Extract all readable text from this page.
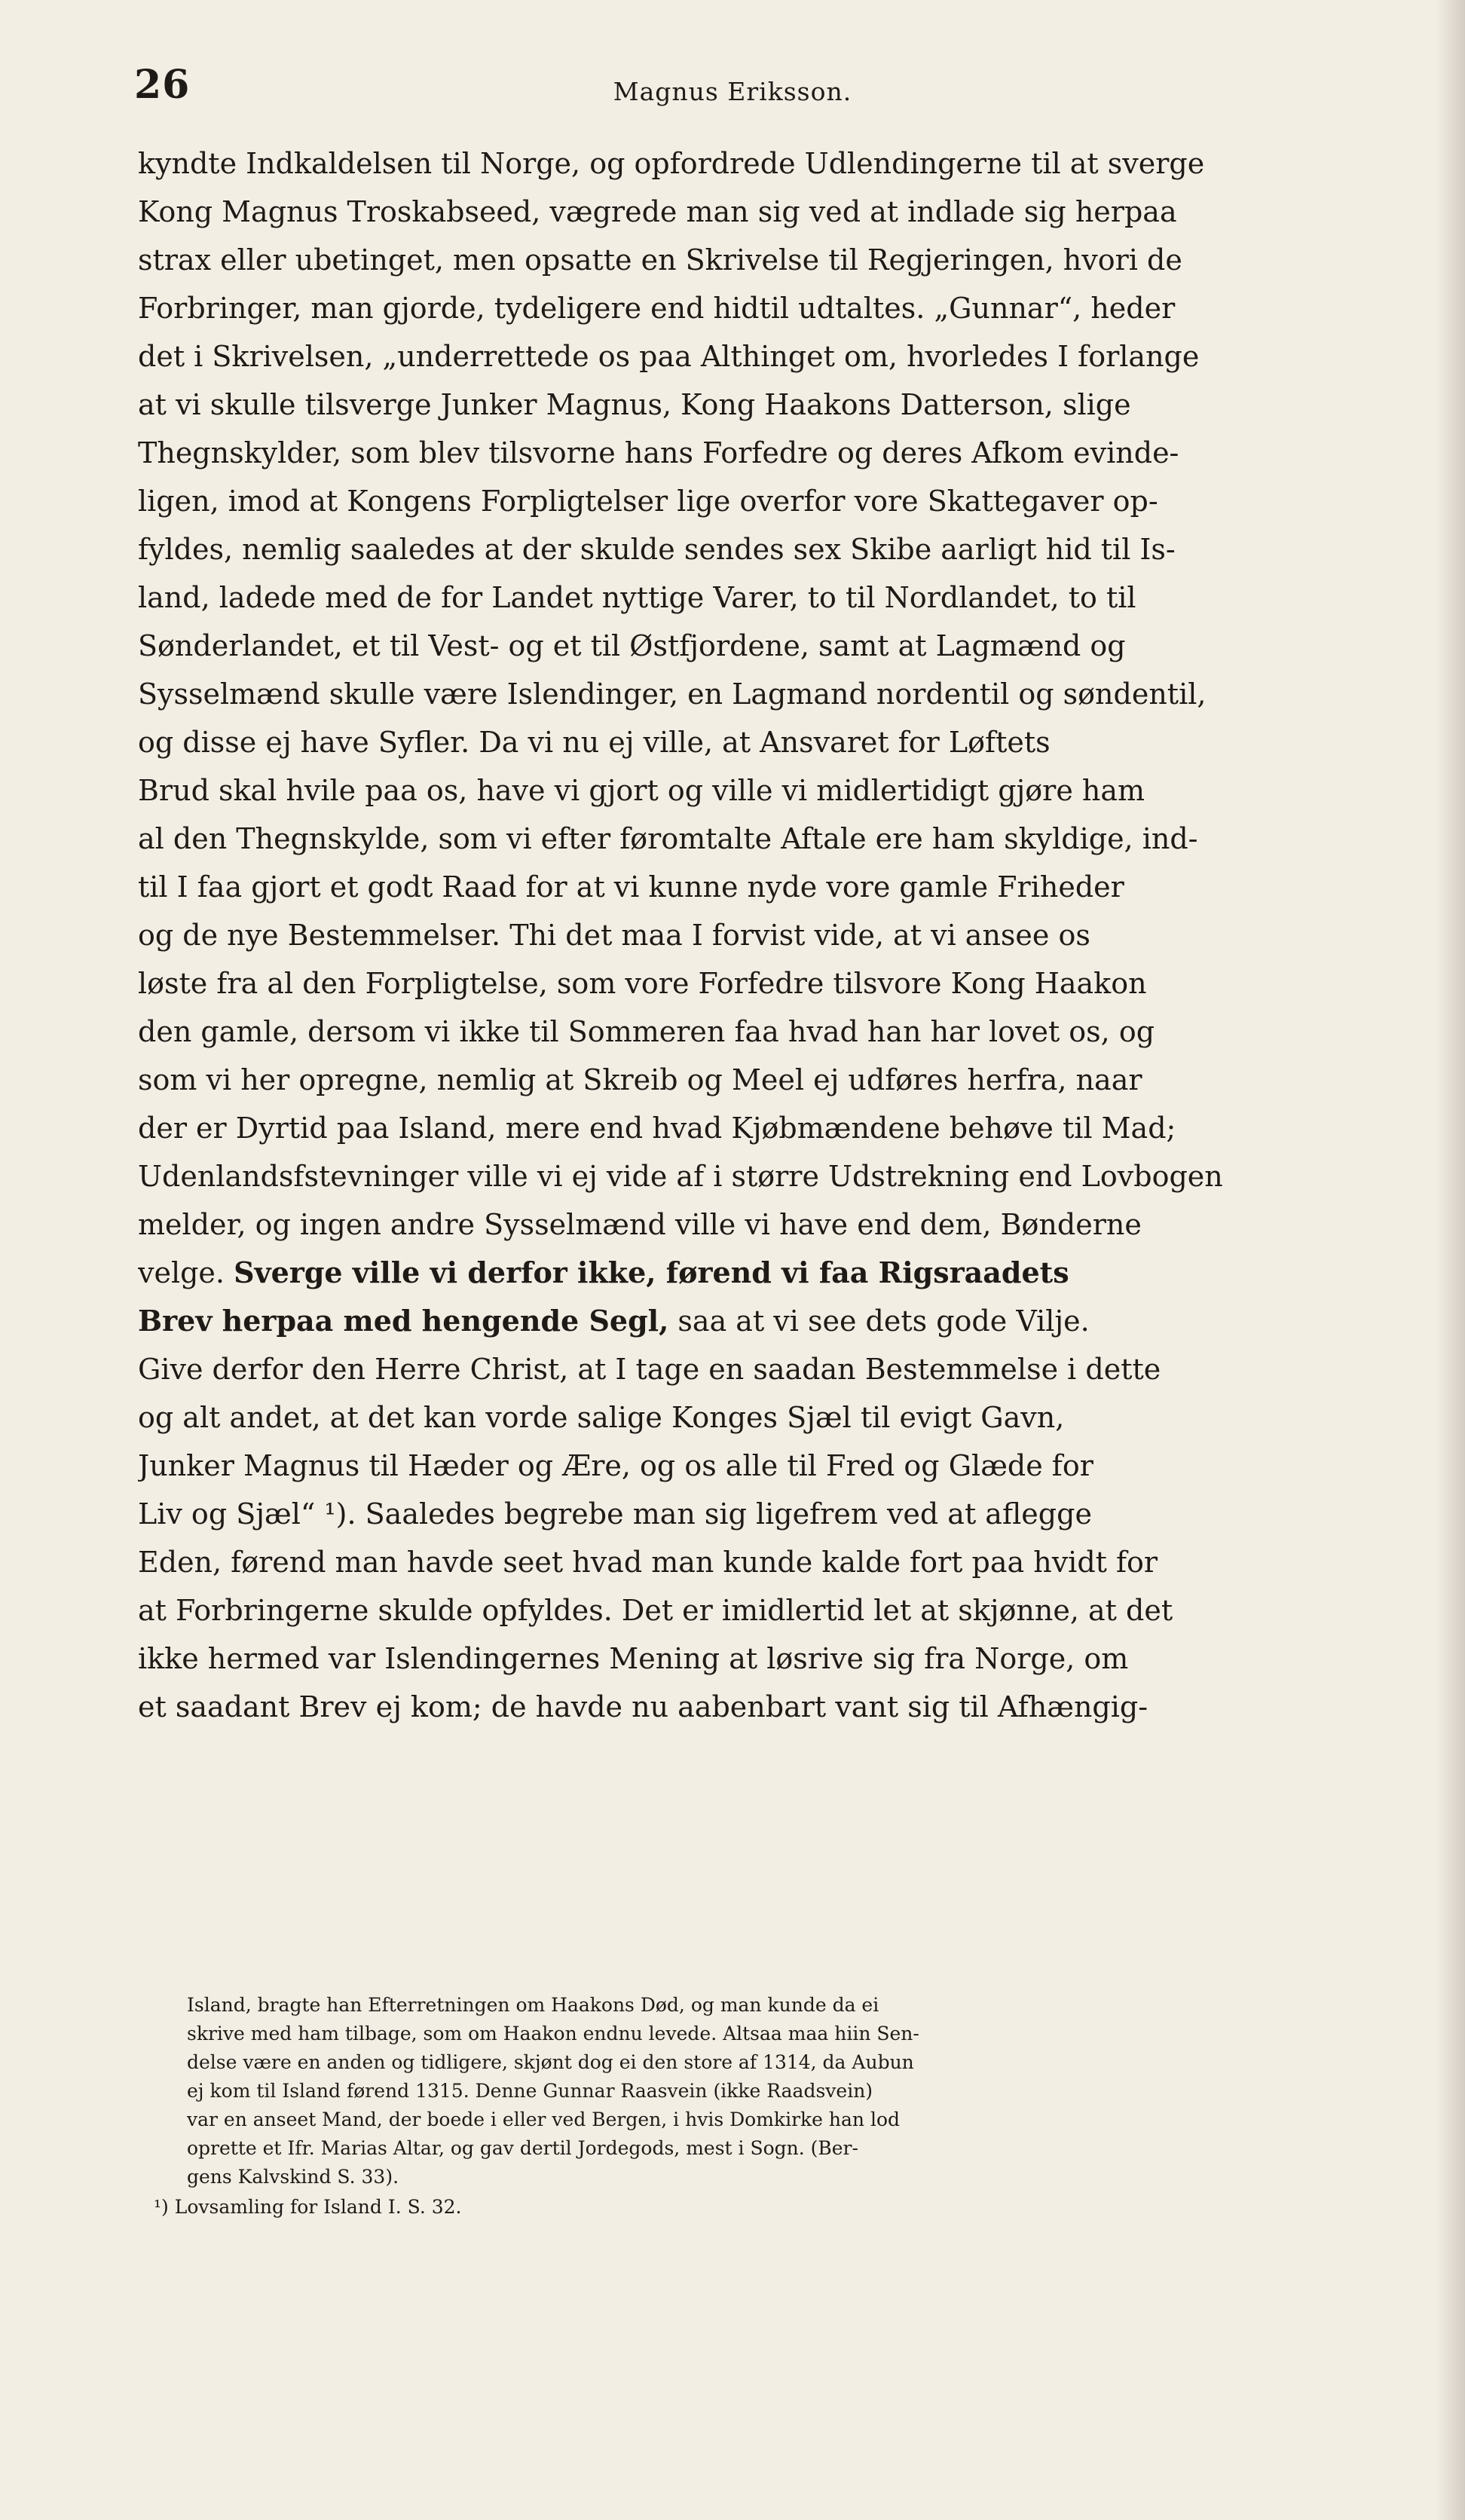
26	Magnus Eriksson.
kyndte Indkaldelsen til Norge, og opfordrede Udlendingerne til at sverge
Kong Magnus Troskabseed, vægrede man sig ved at indlade sig herpaa
strax eller ubetinget, men opsatte en Skrivelse til Regjeringen, hvori de
Forbringer, man gjorde, tydeligere end hidtil udtaltes. „Gunnar“, heder
det i Skrivelsen, „underrettede os paa Althinget om, hvorledes I forlange
at vi skulle tilsverge Junker Magnus, Kong Haakons Datterson, slige
Thegnskylder, som blev tilsvorne hans Forfedre og deres Afkom evinde-
ligen, imod at Kongens Forpligtelser lige overfor vore Skattegaver op-
fyldes, nemlig saaledes at der skulde sendes sex Skibe aarligt hid til Is-
land, ladede med de for Landet nyttige Varer, to til Nordlandet, to til
Sønderlandet, et til Vest- og et til Østfjordene, samt at Lagmænd og
Sysselmænd skulle være Islendinger, en Lagmand nordentil og søndentil,
og disse ej have Syfler. Da vi nu ej ville, at Ansvaret for Løftets
Brud skal hvile paa os, have vi gjort og ville vi midlertidigt gjøre ham
al den Thegnskylde, som vi efter føromtalte Aftale ere ham skyldige, ind-
til I faa gjort et godt Raad for at vi kunne nyde vore gamle Friheder
og de nye Bestemmelser. Thi det maa I forvist vide, at vi ansee os
løste fra al den Forpligtelse, som vore Forfedre tilsvore Kong Haakon
den gamle, dersom vi ikke til Sommeren faa hvad han har lovet os, og
som vi her opregne, nemlig at Skreib og Meel ej udføres herfra, naar
der er Dyrtid paa Island, mere end hvad Kjøbmændene behøve til Mad;
Udenlandsfstevninger ville vi ej vide af i større Udstrekning end Lovbogen
melder, og ingen andre Sysselmænd ville vi have end dem, Bønderne
velge. Sverge ville vi derfor ikke, førend vi faa Rigsraadets
Brev herpaa med hengende Segl, saa at vi see dets gode Vilje.
Give derfor den Herre Christ, at I tage en saadan Bestemmelse i dette
og alt andet, at det kan vorde salige Konges Sjæl til evigt Gavn,
Junker Magnus til Hæder og Ære, og os alle til Fred og Glæde for
Liv og Sjæl“ ¹). Saaledes begrebe man sig ligefrem ved at aflegge
Eden, førend man havde seet hvad man kunde kalde fort paa hvidt for
at Forbringerne skulde opfyldes. Det er imidlertid let at skjønne, at det
ikke hermed var Islendingernes Mening at løsrive sig fra Norge, om
et saadant Brev ej kom; de havde nu aabenbart vant sig til Afhængig-
Island, bragte han Efterretningen om Haakons Død, og man kunde da ei
skrive med ham tilbage, som om Haakon endnu levede. Altsaa maa hiin Sen-
delse være en anden og tidligere, skjønt dog ei den store af 1314, da Aubun
ej kom til Island førend 1315. Denne Gunnar Raasvein (ikke Raadsvein)
var en anseet Mand, der boede i eller ved Bergen, i hvis Domkirke han lod
oprette et Ifr. Marias Altar, og gav dertil Jordegods, mest i Sogn. (Ber-
gens Kalvskind S. 33).
¹) Lovsamling for Island I. S. 32.
